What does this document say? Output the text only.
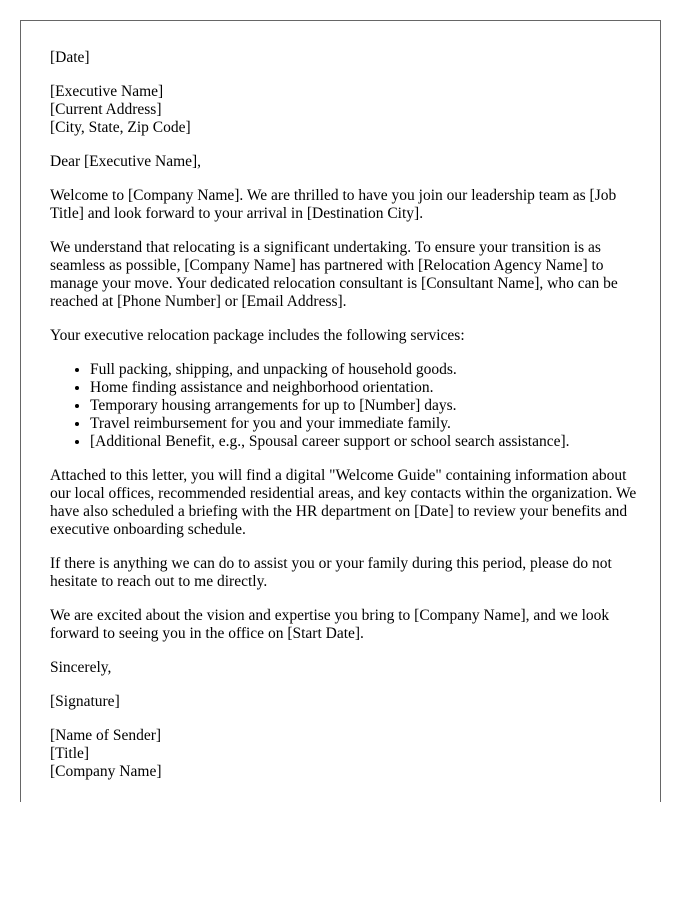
[Date]

[Executive Name]
[Current Address]
[City, State, Zip Code]

Dear [Executive Name],

Welcome to [Company Name]. We are thrilled to have you join our leadership team as [Job Title] and look forward to your arrival in [Destination City].

We understand that relocating is a significant undertaking. To ensure your transition is as seamless as possible, [Company Name] has partnered with [Relocation Agency Name] to manage your move. Your dedicated relocation consultant is [Consultant Name], who can be reached at [Phone Number] or [Email Address].

Your executive relocation package includes the following services:

• Full packing, shipping, and unpacking of household goods.
• Home finding assistance and neighborhood orientation.
• Temporary housing arrangements for up to [Number] days.
• Travel reimbursement for you and your immediate family.
• [Additional Benefit, e.g., Spousal career support or school search assistance].

Attached to this letter, you will find a digital "Welcome Guide" containing information about our local offices, recommended residential areas, and key contacts within the organization. We have also scheduled a briefing with the HR department on [Date] to review your benefits and executive onboarding schedule.

If there is anything we can do to assist you or your family during this period, please do not hesitate to reach out to me directly.

We are excited about the vision and expertise you bring to [Company Name], and we look forward to seeing you in the office on [Start Date].

Sincerely,

[Signature]

[Name of Sender]
[Title]
[Company Name]
